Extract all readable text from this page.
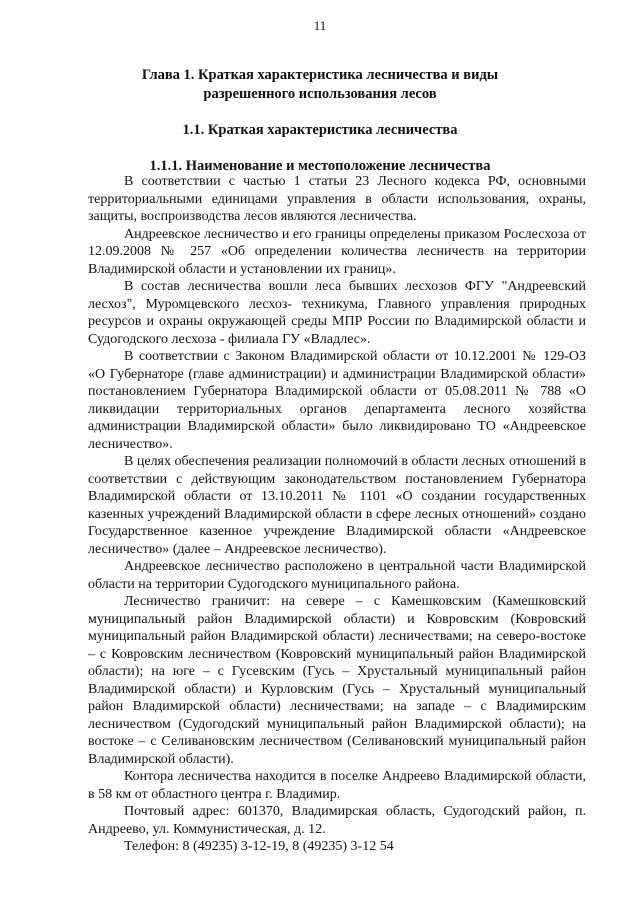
11
Глава 1. Краткая характеристика лесничества и виды разрешенного использования лесов
1.1. Краткая характеристика лесничества
1.1.1. Наименование и местоположение лесничества

В соответствии с частью 1 статьи 23 Лесного кодекса РФ, основными территориальными единицами управления в области использования, охраны, защиты, воспроизводства лесов являются лесничества.

Андреевское лесничество и его границы определены приказом Рослесхоза от 12.09.2008 № 257 «Об определении количества лесничеств на территории Владимирской области и установлении их границ».

В состав лесничества вошли леса бывших лесхозов ФГУ "Андреевский лесхоз", Муромцевского лесхоз- техникума, Главного управления природных ресурсов и охраны окружающей среды МПР России по Владимирской области и Судогодского лесхоза - филиала ГУ «Владлес».

В соответствии с Законом Владимирской области от 10.12.2001 № 129-ОЗ «О Губернаторе (главе администрации) и администрации Владимирской области» постановлением Губернатора Владимирской области от 05.08.2011 № 788 «О ликвидации территориальных органов департамента лесного хозяйства администрации Владимирской области» было ликвидировано ТО «Андреевское лесничество».

В целях обеспечения реализации полномочий в области лесных отношений в соответствии с действующим законодательством постановлением Губернатора Владимирской области от 13.10.2011 № 1101 «О создании государственных казенных учреждений Владимирской области в сфере лесных отношений» создано Государственное казенное учреждение Владимирской области «Андреевское лесничество» (далее – Андреевское лесничество).

Андреевское лесничество расположено в центральной части Владимирской области на территории Судогодского муниципального района.

Лесничество граничит: на севере – с Камешковским (Камешковский муниципальный район Владимирской области) и Ковровским (Ковровский муниципальный район Владимирской области) лесничествами; на северо-востоке – с Ковровским лесничеством (Ковровский муниципальный район Владимирской области); на юге – с Гусевским (Гусь – Хрустальный муниципальный район Владимирской области) и Курловским (Гусь – Хрустальный муниципальный район Владимирской области) лесничествами; на западе – с Владимирским лесничеством (Судогодский муниципальный район Владимирской области); на востоке – с Селивановским лесничеством (Селивановский муниципальный район Владимирской области).

Контора лесничества находится в поселке Андреево Владимирской области, в 58 км от областного центра г. Владимир.

Почтовый адрес: 601370, Владимирская область, Судогодский район, п. Андреево, ул. Коммунистическая, д. 12.

Телефон: 8 (49235) 3-12-19, 8 (49235) 3-12 54
